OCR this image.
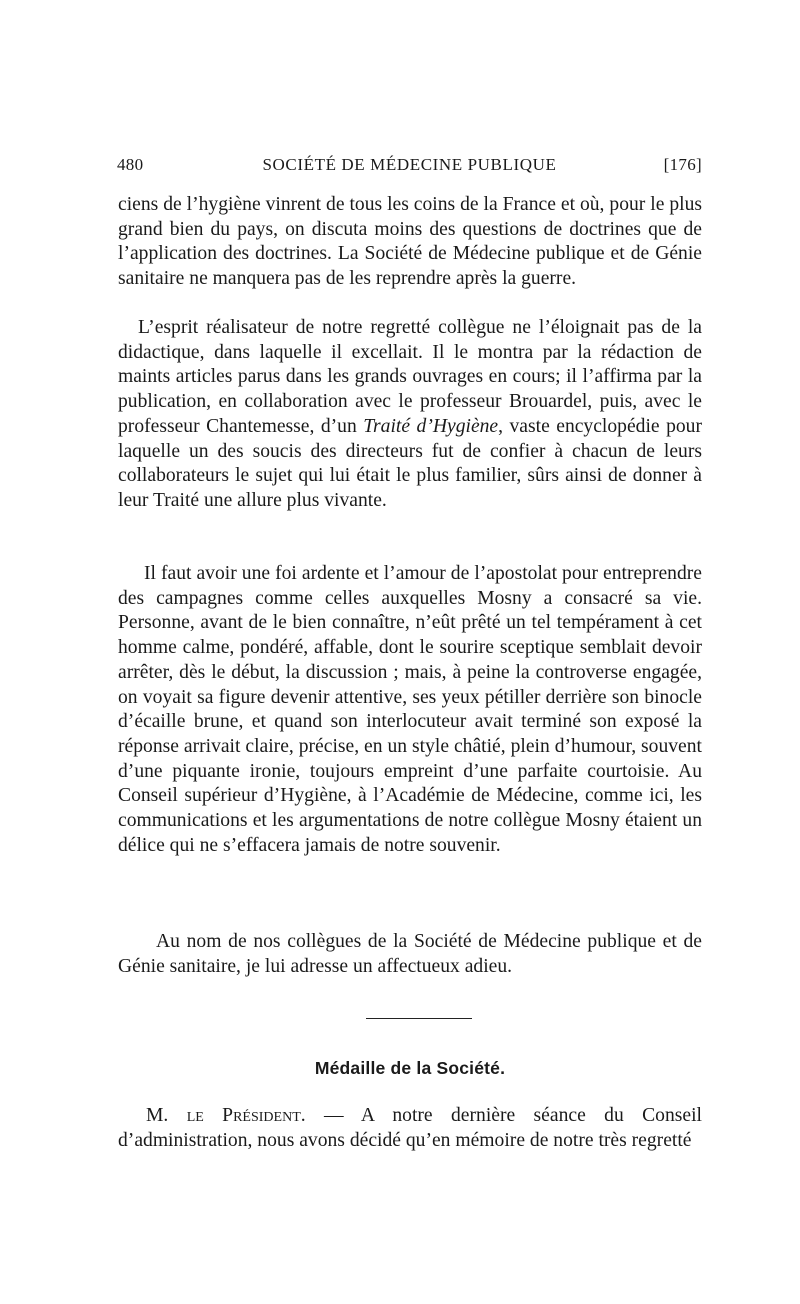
480	SOCIÉTÉ DE MÉDECINE PUBLIQUE	[176]

ciens de l’hygiène vinrent de tous les coins de la France et où, pour le plus grand bien du pays, on discuta moins des questions de doctrines que de l’application des doctrines. La Société de Médecine publique et de Génie sanitaire ne manquera pas de les reprendre après la guerre.

L’esprit réalisateur de notre regretté collègue ne l’éloignait pas de la didactique, dans laquelle il excellait. Il le montra par la rédaction de maints articles parus dans les grands ouvrages en cours; il l’affirma par la publication, en collaboration avec le professeur Brouardel, puis, avec le professeur Chantemesse, d’un Traité d’Hygiène, vaste encyclopédie pour laquelle un des soucis des directeurs fut de confier à chacun de leurs collaborateurs le sujet qui lui était le plus familier, sûrs ainsi de donner à leur Traité une allure plus vivante.

Il faut avoir une foi ardente et l’amour de l’apostolat pour entreprendre des campagnes comme celles auxquelles Mosny a consacré sa vie. Personne, avant de le bien connaître, n’eût prêté un tel tempérament à cet homme calme, pondéré, affable, dont le sourire sceptique semblait devoir arrêter, dès le début, la discussion ; mais, à peine la controverse engagée, on voyait sa figure devenir attentive, ses yeux pétiller derrière son binocle d’écaille brune, et quand son interlocuteur avait terminé son exposé la réponse arrivait claire, précise, en un style châtié, plein d’humour, souvent d’une piquante ironie, toujours empreint d’une parfaite courtoisie. Au Conseil supérieur d’Hygiène, à l’Académie de Médecine, comme ici, les communications et les argumentations de notre collègue Mosny étaient un délice qui ne s’effacera jamais de notre souvenir.

Au nom de nos collègues de la Société de Médecine publique et de Génie sanitaire, je lui adresse un affectueux adieu.

Médaille de la Société.

M. le Président. — A notre dernière séance du Conseil d’administration, nous avons décidé qu’en mémoire de notre très regretté
